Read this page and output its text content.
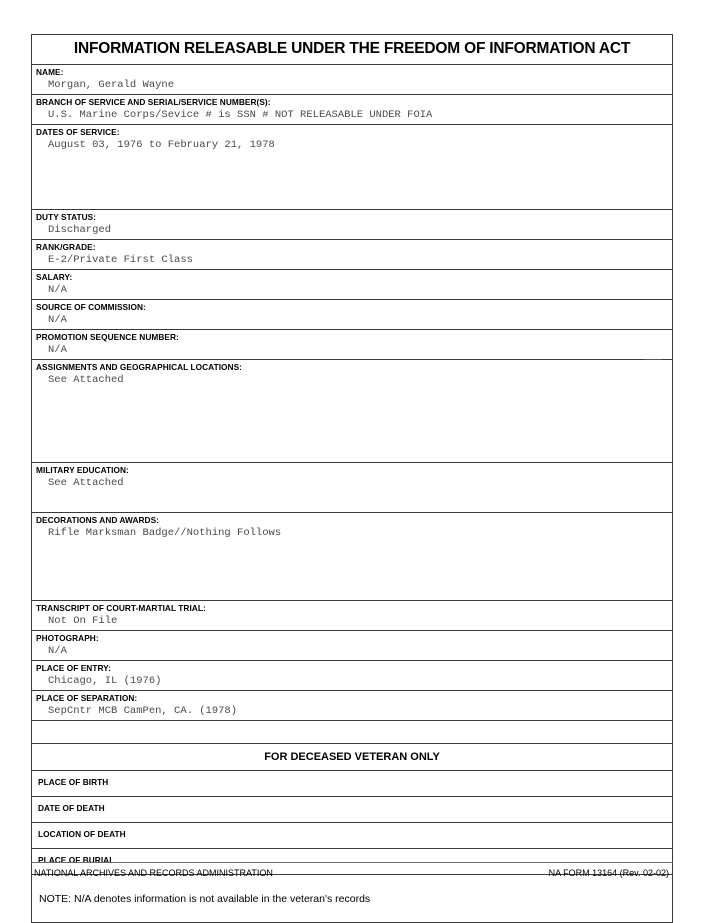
INFORMATION RELEASABLE UNDER THE FREEDOM OF INFORMATION ACT
NAME:
Morgan, Gerald Wayne
BRANCH OF SERVICE AND SERIAL/SERVICE NUMBER(S):
U.S. Marine Corps/Sevice # is SSN # NOT RELEASABLE UNDER FOIA
DATES OF SERVICE:
August 03, 1976 to February 21, 1978
DUTY STATUS:
Discharged
RANK/GRADE:
E-2/Private First Class
SALARY:
N/A
SOURCE OF COMMISSION:
N/A
PROMOTION SEQUENCE NUMBER:
N/A
ASSIGNMENTS AND GEOGRAPHICAL LOCATIONS:
See Attached
MILITARY EDUCATION:
See Attached
DECORATIONS AND AWARDS:
Rifle Marksman Badge//Nothing Follows
TRANSCRIPT OF COURT-MARTIAL TRIAL:
Not On File
PHOTOGRAPH:
N/A
PLACE OF ENTRY:
Chicago, IL (1976)
PLACE OF SEPARATION:
SepCntr MCB CamPen, CA. (1978)
FOR DECEASED VETERAN ONLY
PLACE OF BIRTH
DATE OF DEATH
LOCATION OF DEATH
PLACE OF BURIAL
NOTE: N/A denotes information is not available in the veteran's records
NATIONAL ARCHIVES AND RECORDS ADMINISTRATION	NA FORM 13164 (Rev. 02-02)
